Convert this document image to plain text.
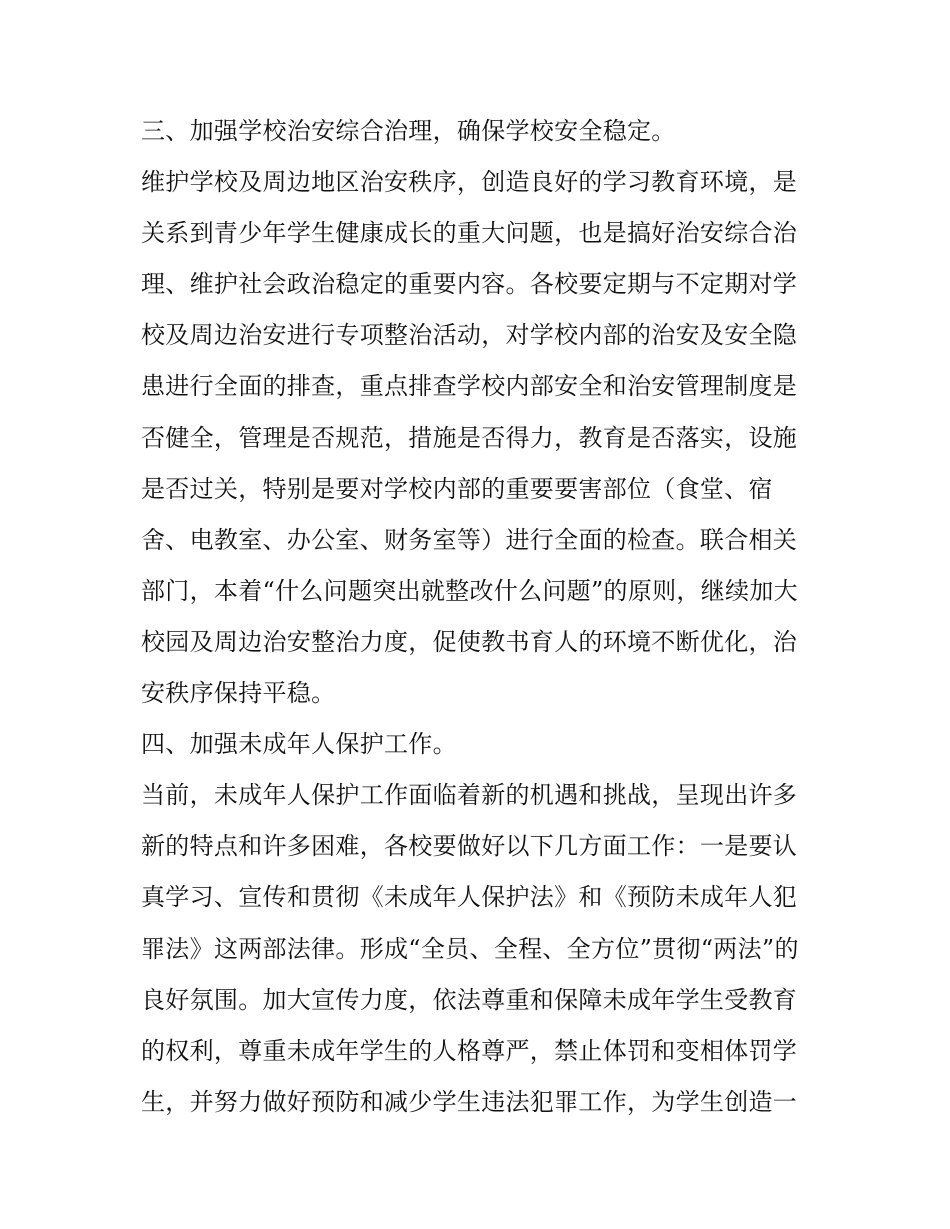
三、加强学校治安综合治理，确保学校安全稳定。
维护学校及周边地区治安秩序，创造良好的学习教育环境，是
关系到青少年学生健康成长的重大问题，也是搞好治安综合治
理、维护社会政治稳定的重要内容。各校要定期与不定期对学
校及周边治安进行专项整治活动，对学校内部的治安及安全隐
患进行全面的排查，重点排查学校内部安全和治安管理制度是
否健全，管理是否规范，措施是否得力，教育是否落实，设施
是否过关，特别是要对学校内部的重要要害部位（食堂、宿
舍、电教室、办公室、财务室等）进行全面的检查。联合相关
部门，本着“什么问题突出就整改什么问题”的原则，继续加大
校园及周边治安整治力度，促使教书育人的环境不断优化，治
安秩序保持平稳。
四、加强未成年人保护工作。
当前，未成年人保护工作面临着新的机遇和挑战，呈现出许多
新的特点和许多困难，各校要做好以下几方面工作：一是要认
真学习、宣传和贯彻《未成年人保护法》和《预防未成年人犯
罪法》这两部法律。形成“全员、全程、全方位”贯彻“两法”的
良好氛围。加大宣传力度，依法尊重和保障未成年学生受教育
的权利，尊重未成年学生的人格尊严，禁止体罚和变相体罚学
生，并努力做好预防和减少学生违法犯罪工作，为学生创造一
